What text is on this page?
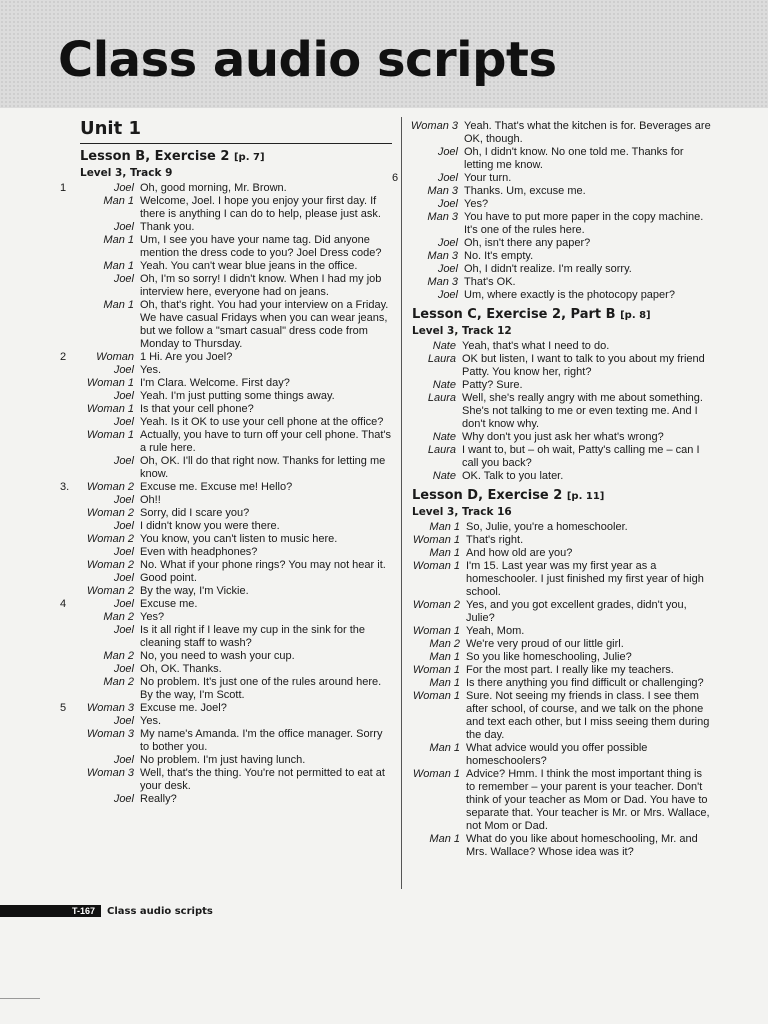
Class audio scripts
Unit 1
Lesson B, Exercise 2 [p. 7]
Level 3, Track 9
1	Joel Oh, good morning, Mr. Brown.
Man 1 Welcome, Joel. I hope you enjoy your first day. If there is anything I can do to help, please just ask.
Joel Thank you.
Man 1 Um, I see you have your name tag. Did anyone mention the dress code to you? Joel Dress code?
Man 1 Yeah. You can't wear blue jeans in the office.
Joel Oh, I'm so sorry! I didn't know. When I had my job interview here, everyone had on jeans.
Man 1 Oh, that's right. You had your interview on a Friday. We have casual Fridays when you can wear jeans, but we follow a "smart casual" dress code from Monday to Thursday.
2	Woman 1 Hi. Are you Joel?
Joel Yes.
Woman 1 I'm Clara. Welcome. First day?
Joel Yeah. I'm just putting some things away.
Woman 1 Is that your cell phone?
Joel Yeah. Is it OK to use your cell phone at the office?
Woman 1 Actually, you have to turn off your cell phone. That's a rule here.
Joel Oh, OK. I'll do that right now. Thanks for letting me know.
3.	Woman 2 Excuse me. Excuse me! Hello?
Joel Oh!!
Woman 2 Sorry, did I scare you?
Joel I didn't know you were there.
Woman 2 You know, you can't listen to music here.
Joel Even with headphones?
Woman 2 No. What if your phone rings? You may not hear it.
Joel Good point.
Woman 2 By the way, I'm Vickie.
4	Joel Excuse me.
Man 2 Yes?
Joel Is it all right if I leave my cup in the sink for the cleaning staff to wash?
Man 2 No, you need to wash your cup.
Joel Oh, OK. Thanks.
Man 2 No problem. It's just one of the rules around here. By the way, I'm Scott.
5	Woman 3 Excuse me. Joel?
Joel Yes.
Woman 3 My name's Amanda. I'm the office manager. Sorry to bother you.
Joel No problem. I'm just having lunch.
Woman 3 Well, that's the thing. You're not permitted to eat at your desk.
Joel Really?
Woman 3 Yeah. That's what the kitchen is for. Beverages are OK, though.
Joel Oh, I didn't know. No one told me. Thanks for letting me know.
6	Joel Your turn.
Man 3 Thanks. Um, excuse me.
Joel Yes?
Man 3 You have to put more paper in the copy machine. It's one of the rules here.
Joel Oh, isn't there any paper?
Man 3 No. It's empty.
Joel Oh, I didn't realize. I'm really sorry.
Man 3 That's OK.
Joel Um, where exactly is the photocopy paper?
Lesson C, Exercise 2, Part B [p. 8]
Level 3, Track 12
Nate Yeah, that's what I need to do.
Laura OK but listen, I want to talk to you about my friend Patty. You know her, right?
Nate Patty? Sure.
Laura Well, she's really angry with me about something. She's not talking to me or even texting me. And I don't know why.
Nate Why don't you just ask her what's wrong?
Laura I want to, but – oh wait, Patty's calling me – can I call you back?
Nate OK. Talk to you later.
Lesson D, Exercise 2 [p. 11]
Level 3, Track 16
Man 1 So, Julie, you're a homeschooler.
Woman 1 That's right.
Man 1 And how old are you?
Woman 1 I'm 15. Last year was my first year as a homeschooler. I just finished my first year of high school.
Woman 2 Yes, and you got excellent grades, didn't you, Julie?
Woman 1 Yeah, Mom.
Man 2 We're very proud of our little girl.
Man 1 So you like homeschooling, Julie?
Woman 1 For the most part. I really like my teachers.
Man 1 Is there anything you find difficult or challenging?
Woman 1 Sure. Not seeing my friends in class. I see them after school, of course, and we talk on the phone and text each other, but I miss seeing them during the day.
Man 1 What advice would you offer possible homeschoolers?
Woman 1 Advice? Hmm. I think the most important thing is to remember – your parent is your teacher. Don't think of your teacher as Mom or Dad. You have to separate that. Your teacher is Mr. or Mrs. Wallace, not Mom or Dad.
Man 1 What do you like about homeschooling, Mr. and Mrs. Wallace? Whose idea was it?
T-167	Class audio scripts
